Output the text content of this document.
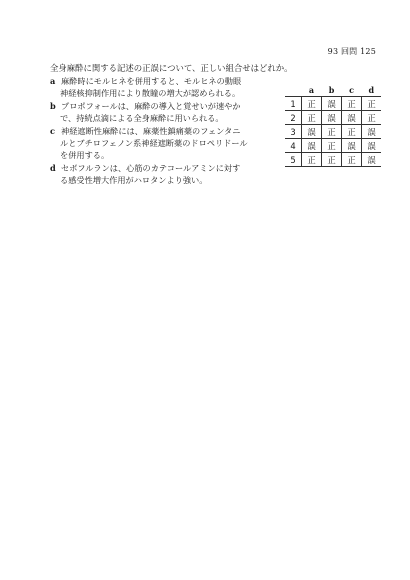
93 回問 125
全身麻酔に関する記述の正誤について、正しい組合せはどれか。
a 麻酔時にモルヒネを併用すると、モルヒネの動眼
神経核抑制作用により散瞳の増大が認められる。
b プロポフォールは、麻酔の導入と覚せいが速やか
で、持続点滴による全身麻酔に用いられる。
c 神経遮断性麻酔には、麻薬性鎮痛薬のフェンタニ
ルとブチロフェノン系神経遮断薬のドロペリドール
を併用する。
d セボフルランは、心筋のカテコールアミンに対す
る感受性増大作用がハロタンより強い。
	a	b	c	d
1	正	誤	正	正
2	正	誤	誤	正
3	誤	正	正	誤
4	誤	正	誤	誤
5	正	正	正	誤
